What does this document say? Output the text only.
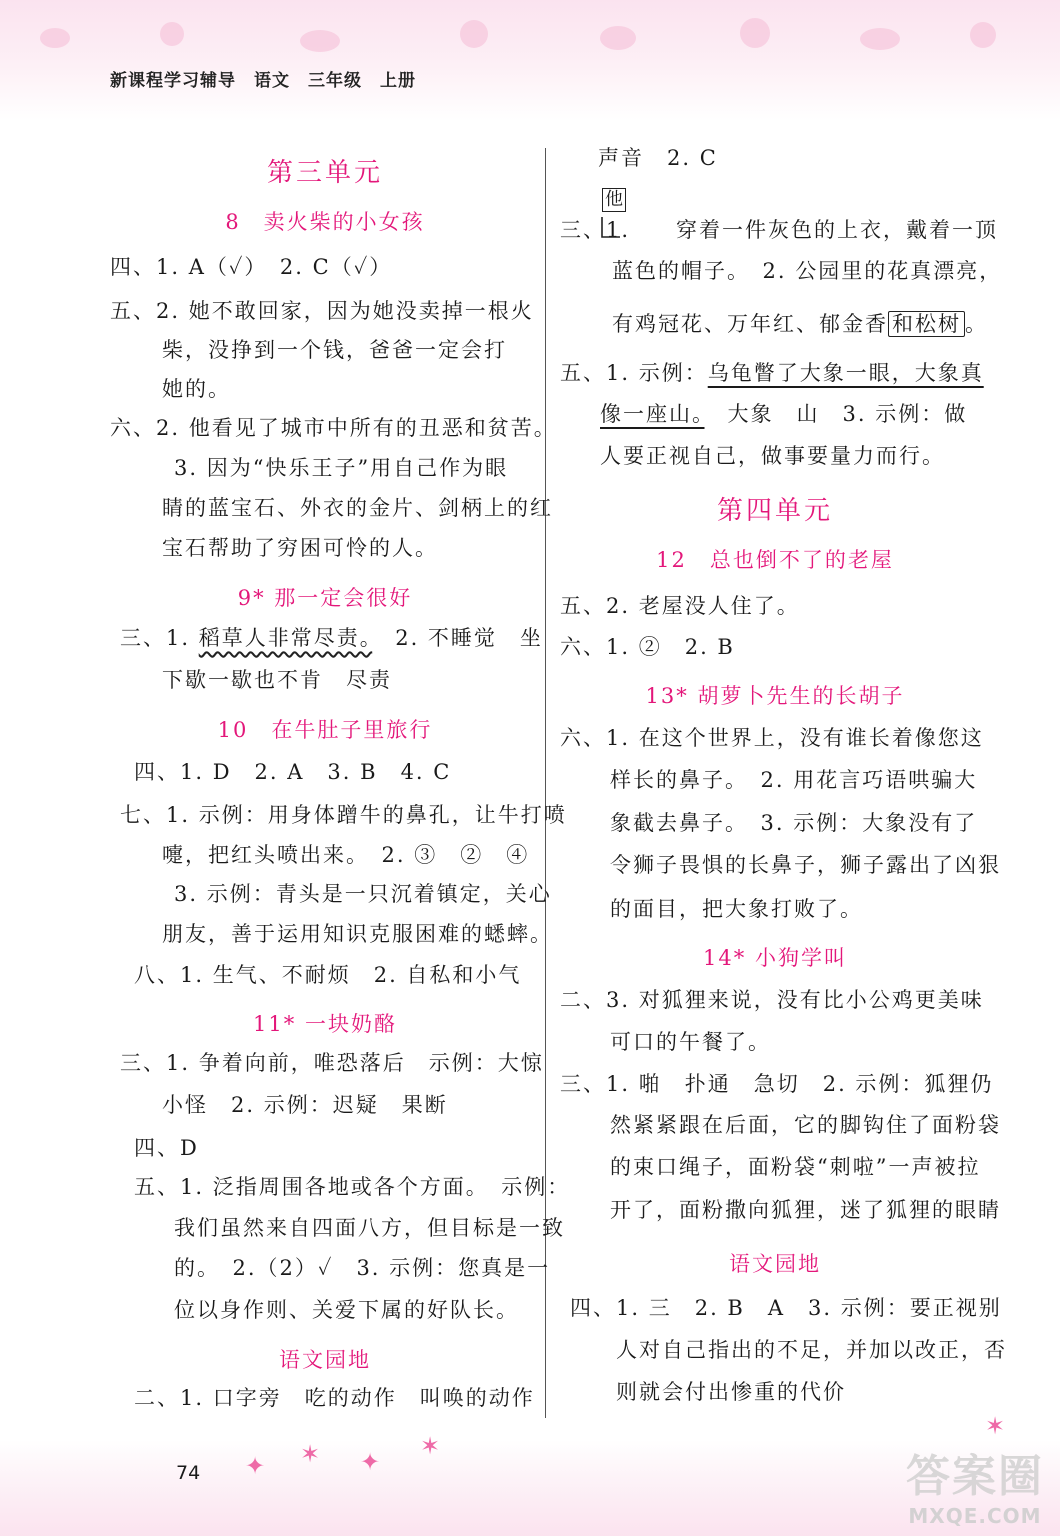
新课程学习辅导　语文　三年级　上册
第三单元
8　卖火柴的小女孩
四、1. A（✓）　2. C（✓）
五、2. 她不敢回家，因为她没卖掉一根火
柴，没挣到一个钱，爸爸一定会打
她的。
六、2. 他看见了城市中所有的丑恶和贫苦。
3. 因为“快乐王子”用自己作为眼
睛的蓝宝石、外衣的金片、剑柄上的红
宝石帮助了穷困可怜的人。
9* 那一定会很好
三、1. 稻草人非常尽责。　2. 不睡觉　坐
下歇一歇也不肯　尽责
10　在牛肚子里旅行
四、1. D　2. A　3. B　4. C
七、1. 示例：用身体蹭牛的鼻孔，让牛打喷
嚏，把红头喷出来。　2. ③　②　④
3. 示例：青头是一只沉着镇定，关心
朋友，善于运用知识克服困难的蟋蟀。
八、1. 生气、不耐烦　2. 自私和小气
11* 一块奶酪
三、1. 争着向前，唯恐落后　示例：大惊
小怪　2. 示例：迟疑　果断
四、D
五、1. 泛指周围各地或各个方面。　示例：
我们虽然来自四面八方，但目标是一致
的。　2.（2）✓　3. 示例：您真是一
位以身作则、关爱下属的好队长。
语文园地
二、1. 口字旁　吃的动作　叫唤的动作
声音　2. C
三、1.　　穿着一件灰色的上衣，戴着一顶
蓝色的帽子。　2. 公园里的花真漂亮，
有鸡冠花、万年红、郁金香 和松树 。
五、1. 示例：乌龟瞥了大象一眼，大象真
像一座山。　大象　山　3. 示例：做
人要正视自己，做事要量力而行。
第四单元
12　总也倒不了的老屋
五、2. 老屋没人住了。
六、1. ②　2. B
13* 胡萝卜先生的长胡子
六、1. 在这个世界上，没有谁长着像您这
样长的鼻子。　2. 用花言巧语哄骗大
象截去鼻子。　3. 示例：大象没有了
令狮子畏惧的长鼻子，狮子露出了凶狠
的面目，把大象打败了。
14* 小狗学叫
二、3. 对狐狸来说，没有比小公鸡更美味
可口的午餐了。
三、1. 啪　扑通　急切　2. 示例：狐狸仍
然紧紧跟在后面，它的脚钩住了面粉袋
的束口绳子，面粉袋“刺啦”一声被拉
开了，面粉撒向狐狸，迷了狐狸的眼睛
语文园地
四、1. 三　2. B　A　3. 示例：要正视别
人对自己指出的不足，并加以改正，否
则就会付出惨重的代价
他
74 ✦ ✶ ✦
✶
✶
答案圈
MXQE.COM
